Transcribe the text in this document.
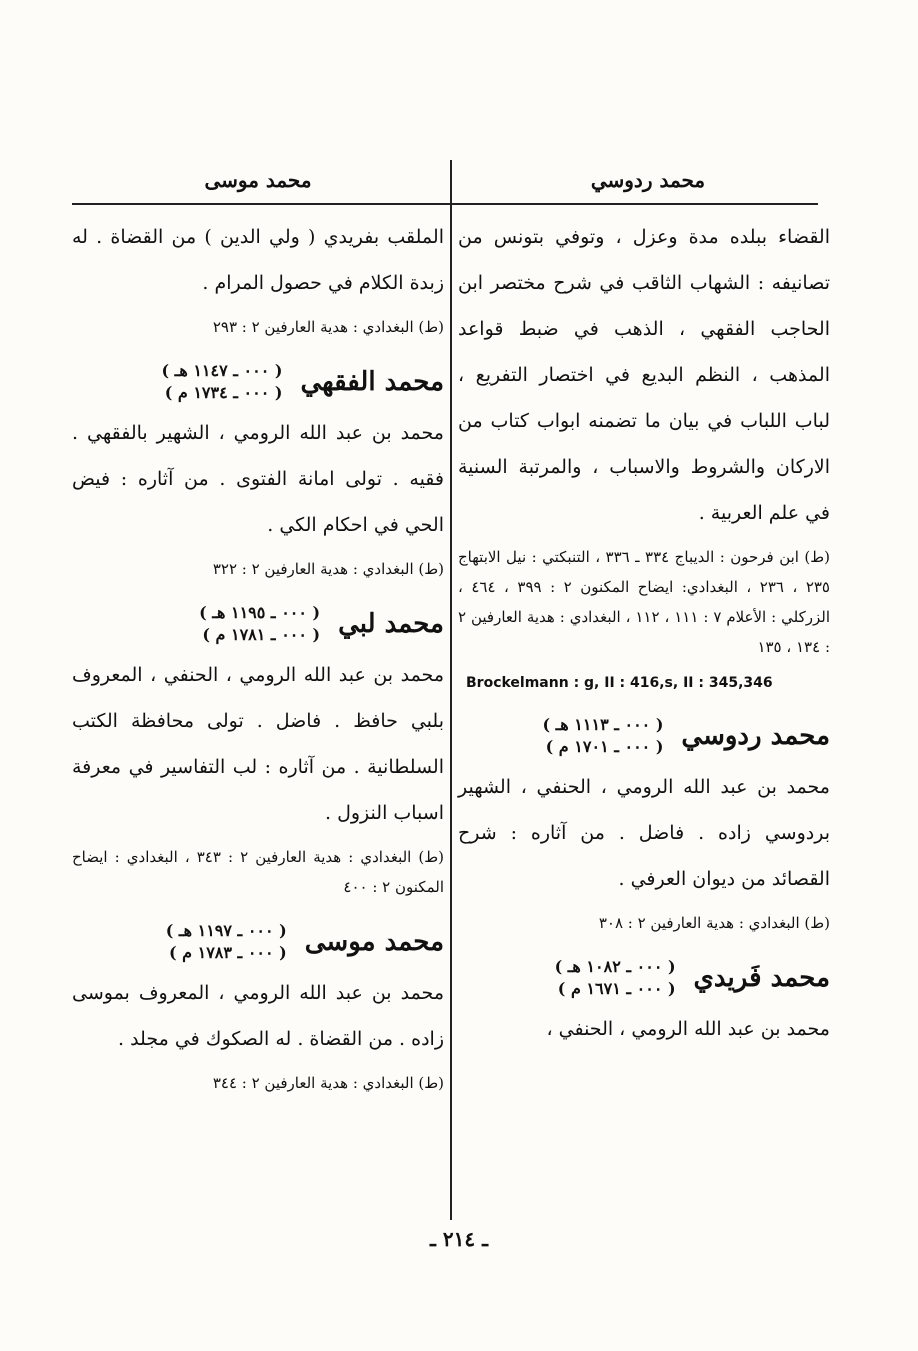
محمد ردوسي
محمد موسى

القضاء ببلده مدة وعزل ، وتوفي بتونس من تصانيفه : الشهاب الثاقب في شرح مختصر ابن الحاجب الفقهي ، الذهب في ضبط قواعد المذهب ، النظم البديع في اختصار التفريع ، لباب اللباب في بيان ما تضمنه ابواب كتاب من الاركان والشروط والاسباب ، والمرتبة السنية في علم العربية .

(ط) ابن فرحون : الديباج ٣٣٤ ـ ٣٣٦ ، التنبكتي : نيل الابتهاج ٢٣٥ ، ٢٣٦ ، البغدادي: ايضاح المكنون ٢ : ٣٩٩ ، ٤٦٤ ، الزركلي : الأعلام ٧ : ١١١ ، ١١٢ ، البغدادي : هدية العارفين ٢ : ١٣٤ ، ١٣٥

Brockelmann : g, II : 416,s, II : 345,346

محمد ردوسي
( ٠٠٠ ـ ١١١٣ هـ )
( ٠٠٠ ـ ١٧٠١ م )

محمد بن عبد الله الرومي ، الحنفي ، الشهير بردوسي زاده . فاضل . من آثاره : شرح القصائد من ديوان العرفي .

(ط) البغدادي : هدية العارفين ٢ : ٣٠٨

محمد فَريدي
( ٠٠٠ ـ ١٠٨٢ هـ )
( ٠٠٠ ـ ١٦٧١ م )

محمد بن عبد الله الرومي ، الحنفي ،

الملقب بفريدي ( ولي الدين ) من القضاة . له زبدة الكلام في حصول المرام .

(ط) البغدادي : هدية العارفين ٢ : ٢٩٣

محمد الفقهي
( ٠٠٠ ـ ١١٤٧ هـ )
( ٠٠٠ ـ ١٧٣٤ م )

محمد بن عبد الله الرومي ، الشهير بالفقهي . فقيه . تولى امانة الفتوى . من آثاره : فيض الحي في احكام الكي .

(ط) البغدادي : هدية العارفين ٢ : ٣٢٢

محمد لبي
( ٠٠٠ ـ ١١٩٥ هـ )
( ٠٠٠ ـ ١٧٨١ م )

محمد بن عبد الله الرومي ، الحنفي ، المعروف بلبي حافظ . فاضل . تولى محافظة الكتب السلطانية . من آثاره : لب التفاسير في معرفة اسباب النزول .

(ط) البغدادي : هدية العارفين ٢ : ٣٤٣ ، البغدادي : ايضاح المكنون ٢ : ٤٠٠

محمد موسى
( ٠٠٠ ـ ١١٩٧ هـ )
( ٠٠٠ ـ ١٧٨٣ م )

محمد بن عبد الله الرومي ، المعروف بموسى زاده . من القضاة . له الصكوك في مجلد .

(ط) البغدادي : هدية العارفين ٢ : ٣٤٤

ـ ٢١٤ ـ
